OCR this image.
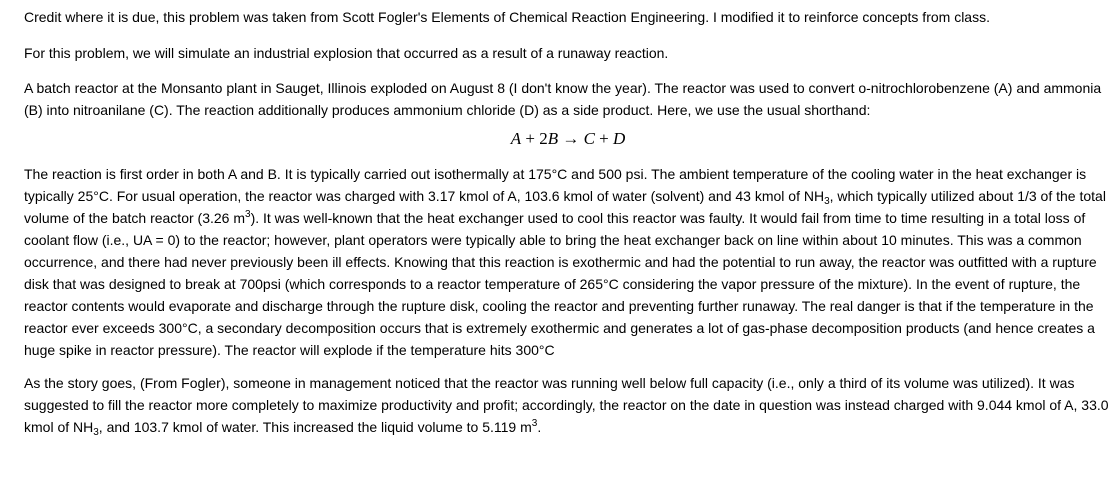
Credit where it is due, this problem was taken from Scott Fogler's Elements of Chemical Reaction Engineering. I modified it to reinforce concepts from class.

For this problem, we will simulate an industrial explosion that occurred as a result of a runaway reaction.

A batch reactor at the Monsanto plant in Sauget, Illinois exploded on August 8 (I don't know the year). The reactor was used to convert o-nitrochlorobenzene (A) and ammonia (B) into nitroanilane (C). The reaction additionally produces ammonium chloride (D) as a side product. Here, we use the usual shorthand:

A + 2B → C + D

The reaction is first order in both A and B. It is typically carried out isothermally at 175°C and 500 psi. The ambient temperature of the cooling water in the heat exchanger is typically 25°C. For usual operation, the reactor was charged with 3.17 kmol of A, 103.6 kmol of water (solvent) and 43 kmol of $NH_3$, which typically utilized about 1/3 of the total volume of the batch reactor (3.26 $m^3$). It was well-known that the heat exchanger used to cool this reactor was faulty. It would fail from time to time resulting in a total loss of coolant flow (i.e., UA = 0) to the reactor; however, plant operators were typically able to bring the heat exchanger back on line within about 10 minutes. This was a common occurrence, and there had never previously been ill effects. Knowing that this reaction is exothermic and had the potential to run away, the reactor was outfitted with a rupture disk that was designed to break at 700psi (which corresponds to a reactor temperature of 265°C considering the vapor pressure of the mixture). In the event of rupture, the reactor contents would evaporate and discharge through the rupture disk, cooling the reactor and preventing further runaway. The real danger is that if the temperature in the reactor ever exceeds 300°C, a secondary decomposition occurs that is extremely exothermic and generates a lot of gas-phase decomposition products (and hence creates a huge spike in reactor pressure). The reactor will explode if the temperature hits 300°C

As the story goes, (From Fogler), someone in management noticed that the reactor was running well below full capacity (i.e., only a third of its volume was utilized). It was suggested to fill the reactor more completely to maximize productivity and profit; accordingly, the reactor on the date in question was instead charged with 9.044 kmol of A, 33.0 kmol of $NH_3$, and 103.7 kmol of water. This increased the liquid volume to 5.119 $m^3$.
